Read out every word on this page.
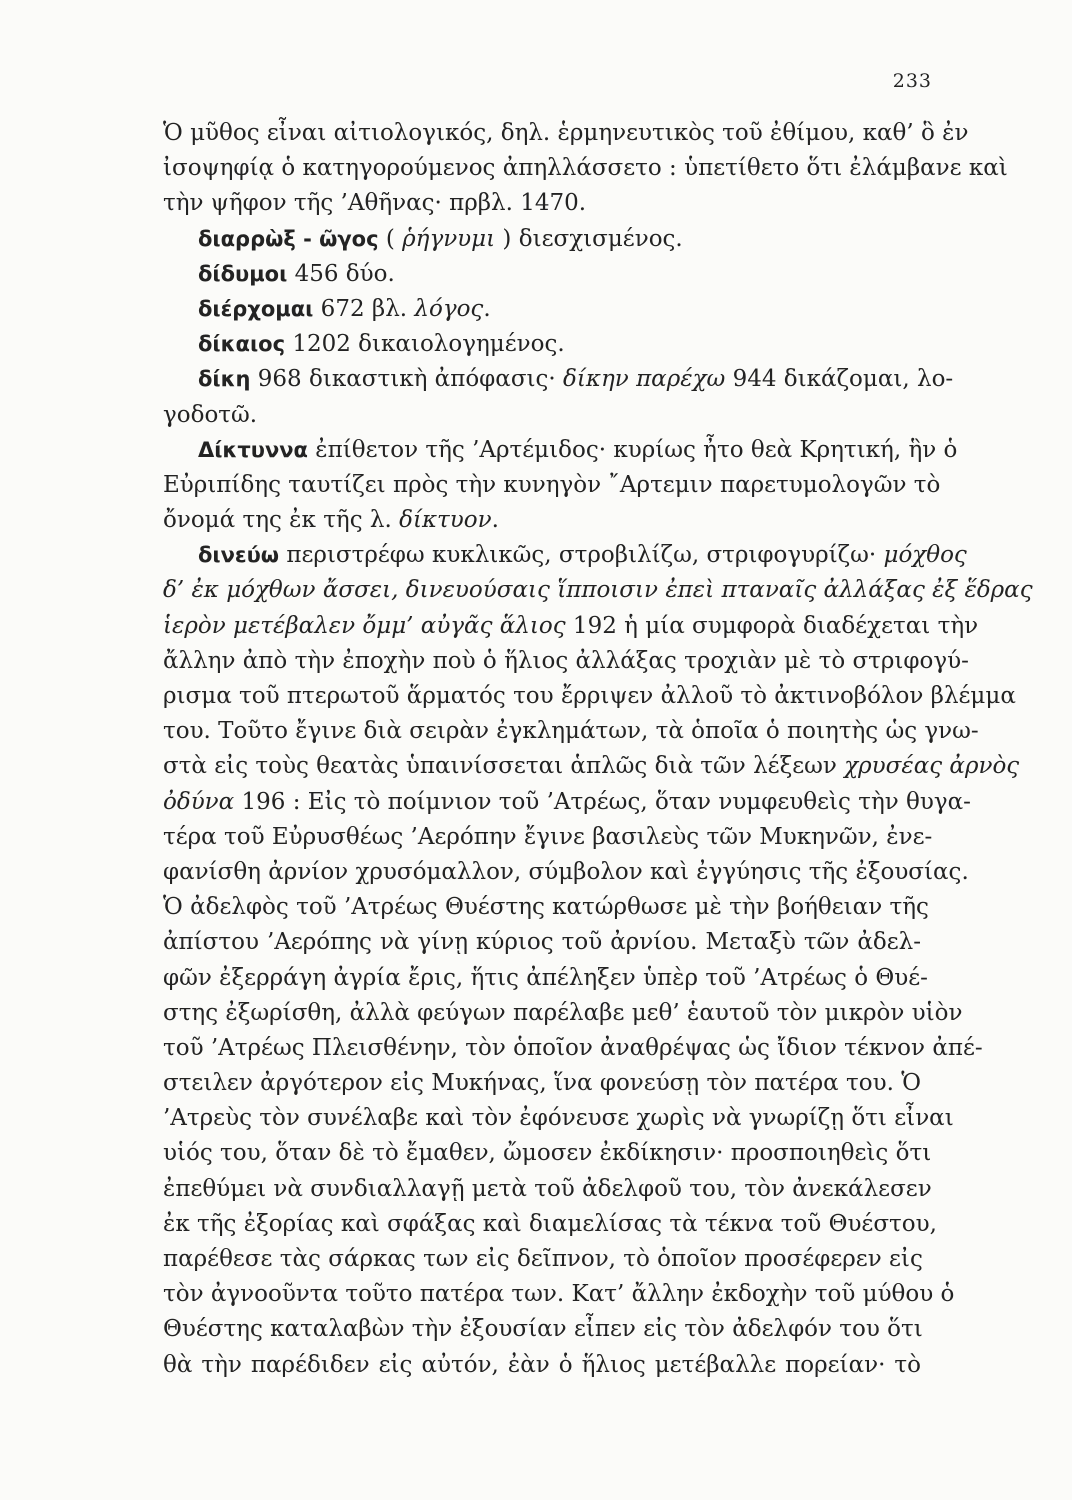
233
Ὁ μῦθος εἶναι αἰτιολογικός, δηλ. ἑρμηνευτικὸς τοῦ ἐθίμου, καθ’ ὃ ἐν
ἰσοψηφίᾳ ὁ κατηγορούμενος ἀπηλλάσσετο : ὑπετίθετο ὅτι ἐλάμβανε καὶ
τὴν ψῆφον τῆς ’Αθῆνας· πρβλ. 1470.
διαρρὼξ - ῶγος ( ῥήγνυμι ) διεσχισμένος.
δίδυμοι 456 δύο.
διέρχομαι 672 βλ. λόγος.
δίκαιος 1202 δικαιολογημένος.
δίκη 968 δικαστικὴ ἀπόφασις· δίκην παρέχω 944 δικάζομαι, λο-
γοδοτῶ.
Δίκτυννα ἐπίθετον τῆς ’Αρτέμιδος· κυρίως ἦτο θεὰ Κρητική, ἣν ὁ
Εὐριπίδης ταυτίζει πρὸς τὴν κυνηγὸν ῎Αρτεμιν παρετυμολογῶν τὸ
ὄνομά της ἐκ τῆς λ. δίκτυον.
δινεύω περιστρέφω κυκλικῶς, στροβιλίζω, στριφογυρίζω· μόχθος
δ’ ἐκ μόχθων ἄσσει, δινευούσαις ἵπποισιν ἐπεὶ πταναῖς ἀλλάξας ἐξ ἕδρας
ἱερὸν μετέβαλεν ὄμμ’ αὐγᾶς ἅλιος 192 ἡ μία συμφορὰ διαδέχεται τὴν
ἄλλην ἀπὸ τὴν ἐποχὴν ποὺ ὁ ἥλιος ἀλλάξας τροχιὰν μὲ τὸ στριφογύ-
ρισμα τοῦ πτερωτοῦ ἅρματός του ἔρριψεν ἀλλοῦ τὸ ἀκτινοβόλον βλέμμα
του. Τοῦτο ἔγινε διὰ σειρὰν ἐγκλημάτων, τὰ ὁποῖα ὁ ποιητὴς ὡς γνω-
στὰ εἰς τοὺς θεατὰς ὑπαινίσσεται ἁπλῶς διὰ τῶν λέξεων χρυσέας ἀρνὸς
ὀδύνα 196 : Εἰς τὸ ποίμνιον τοῦ ’Ατρέως, ὅταν νυμφευθεὶς τὴν θυγα-
τέρα τοῦ Εὐρυσθέως ’Αερόπην ἔγινε βασιλεὺς τῶν Μυκηνῶν, ἐνε-
φανίσθη ἀρνίον χρυσόμαλλον, σύμβολον καὶ ἐγγύησις τῆς ἐξουσίας.
Ὁ ἀδελφὸς τοῦ ’Ατρέως Θυέστης κατώρθωσε μὲ τὴν βοήθειαν τῆς
ἀπίστου ’Αερόπης νὰ γίνῃ κύριος τοῦ ἀρνίου. Μεταξὺ τῶν ἀδελ-
φῶν ἐξερράγη ἀγρία ἔρις, ἥτις ἀπέληξεν ὑπὲρ τοῦ ’Ατρέως ὁ Θυέ-
στης ἐξωρίσθη, ἀλλὰ φεύγων παρέλαβε μεθ’ ἑαυτοῦ τὸν μικρὸν υἱὸν
τοῦ ’Ατρέως Πλεισθένην, τὸν ὁποῖον ἀναθρέψας ὡς ἴδιον τέκνον ἀπέ-
στειλεν ἀργότερον εἰς Μυκήνας, ἵνα φονεύσῃ τὸν πατέρα του. Ὁ
’Ατρεὺς τὸν συνέλαβε καὶ τὸν ἐφόνευσε χωρὶς νὰ γνωρίζῃ ὅτι εἶναι
υἱός του, ὅταν δὲ τὸ ἔμαθεν, ὤμοσεν ἐκδίκησιν· προσποιηθεὶς ὅτι
ἐπεθύμει νὰ συνδιαλλαγῇ μετὰ τοῦ ἀδελφοῦ του, τὸν ἀνεκάλεσεν
ἐκ τῆς ἐξορίας καὶ σφάξας καὶ διαμελίσας τὰ τέκνα τοῦ Θυέστου,
παρέθεσε τὰς σάρκας των εἰς δεῖπνον, τὸ ὁποῖον προσέφερεν εἰς
τὸν ἀγνοοῦντα τοῦτο πατέρα των. Κατ’ ἄλλην ἐκδοχὴν τοῦ μύθου ὁ
Θυέστης καταλαβὼν τὴν ἐξουσίαν εἶπεν εἰς τὸν ἀδελφόν του ὅτι
θὰ τὴν παρέδιδεν εἰς αὐτόν, ἐὰν ὁ ἥλιος μετέβαλλε πορείαν· τὸ
